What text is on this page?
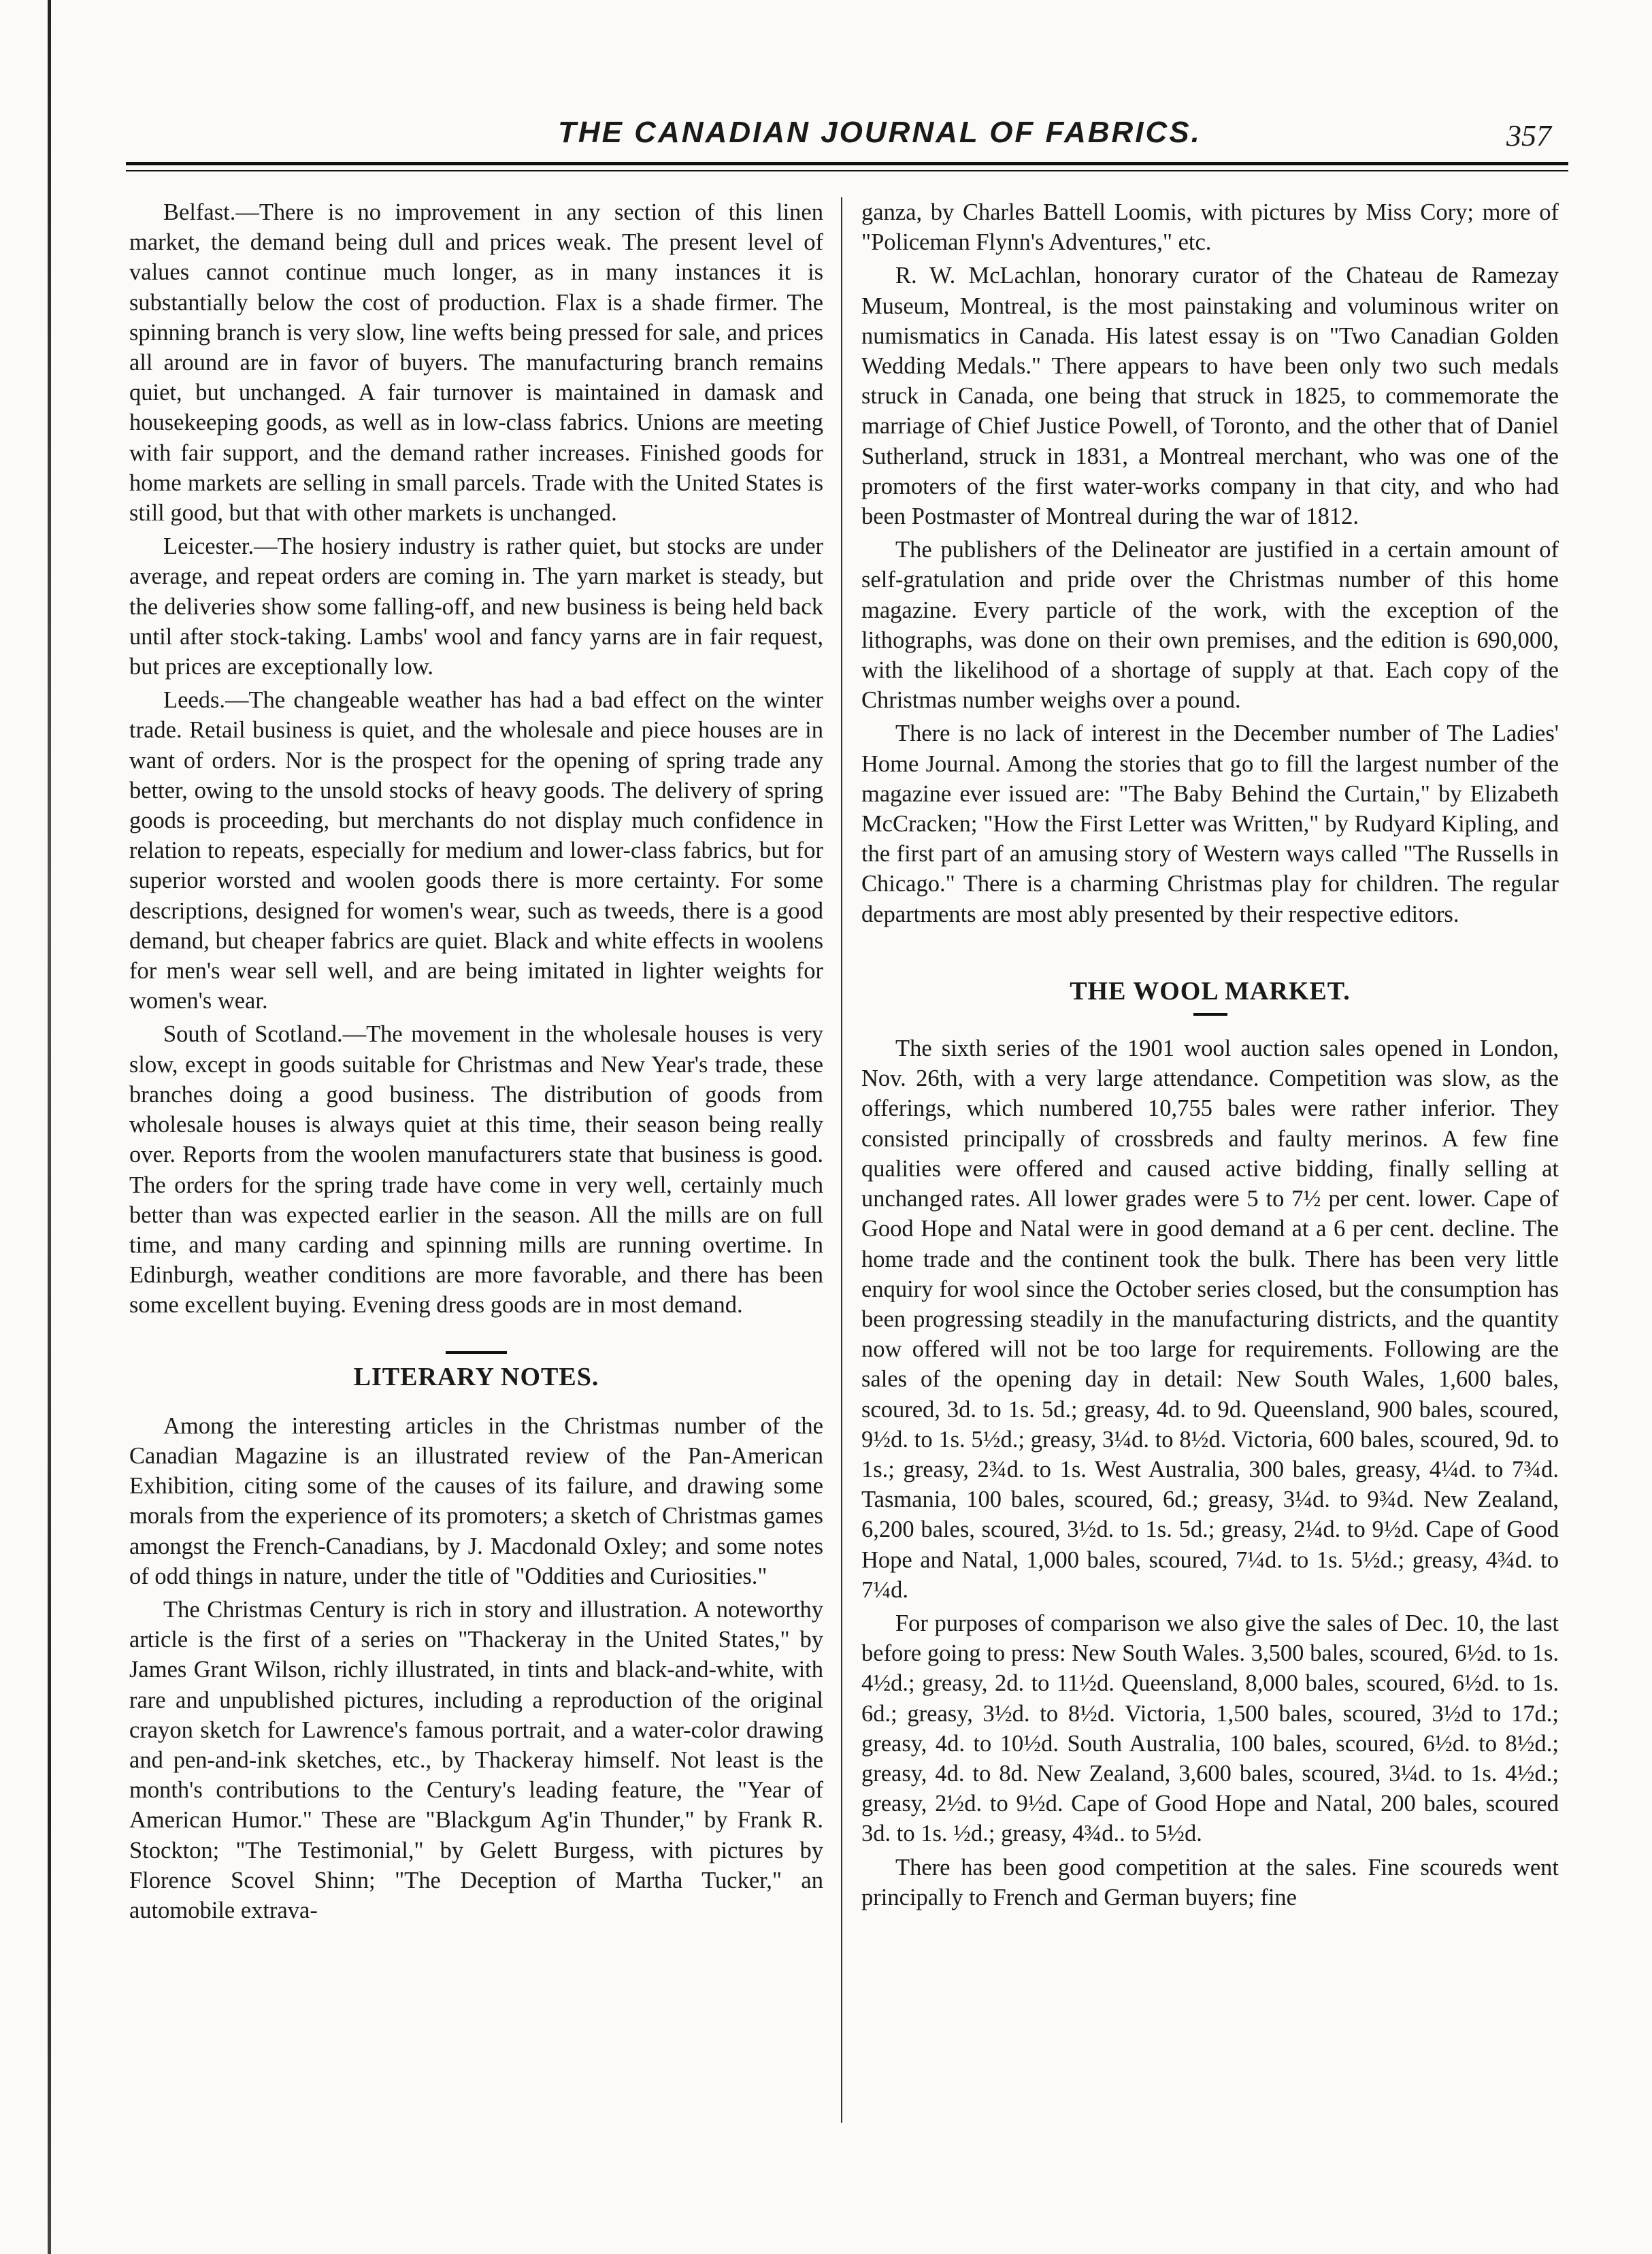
THE CANADIAN JOURNAL OF FABRICS.	357

Belfast.—There is no improvement in any section of this linen market, the demand being dull and prices weak. The present level of values cannot continue much longer, as in many instances it is substantially below the cost of production. Flax is a shade firmer. The spinning branch is very slow, line wefts being pressed for sale, and prices all around are in favor of buyers. The manufacturing branch remains quiet, but unchanged. A fair turnover is maintained in damask and housekeeping goods, as well as in low-class fabrics. Unions are meeting with fair support, and the demand rather increases. Finished goods for home markets are selling in small parcels. Trade with the United States is still good, but that with other markets is unchanged.

Leicester.—The hosiery industry is rather quiet, but stocks are under average, and repeat orders are coming in. The yarn market is steady, but the deliveries show some falling-off, and new business is being held back until after stock-taking. Lambs' wool and fancy yarns are in fair request, but prices are exceptionally low.

Leeds.—The changeable weather has had a bad effect on the winter trade. Retail business is quiet, and the wholesale and piece houses are in want of orders. Nor is the prospect for the opening of spring trade any better, owing to the unsold stocks of heavy goods. The delivery of spring goods is proceeding, but merchants do not display much confidence in relation to repeats, especially for medium and lower-class fabrics, but for superior worsted and woolen goods there is more certainty. For some descriptions, designed for women's wear, such as tweeds, there is a good demand, but cheaper fabrics are quiet. Black and white effects in woolens for men's wear sell well, and are being imitated in lighter weights for women's wear.

South of Scotland.—The movement in the wholesale houses is very slow, except in goods suitable for Christmas and New Year's trade, these branches doing a good business. The distribution of goods from wholesale houses is always quiet at this time, their season being really over. Reports from the woolen manufacturers state that business is good. The orders for the spring trade have come in very well, certainly much better than was expected earlier in the season. All the mills are on full time, and many carding and spinning mills are running overtime. In Edinburgh, weather conditions are more favorable, and there has been some excellent buying. Evening dress goods are in most demand.

LITERARY NOTES.

Among the interesting articles in the Christmas number of the Canadian Magazine is an illustrated review of the Pan-American Exhibition, citing some of the causes of its failure, and drawing some morals from the experience of its promoters; a sketch of Christmas games amongst the French-Canadians, by J. Macdonald Oxley; and some notes of odd things in nature, under the title of "Oddities and Curiosities."

The Christmas Century is rich in story and illustration. A noteworthy article is the first of a series on "Thackeray in the United States," by James Grant Wilson, richly illustrated, in tints and black-and-white, with rare and unpublished pictures, including a reproduction of the original crayon sketch for Lawrence's famous portrait, and a water-color drawing and pen-and-ink sketches, etc., by Thackeray himself. Not least is the month's contributions to the Century's leading feature, the "Year of American Humor." These are "Blackgum Ag'in Thunder," by Frank R. Stockton; "The Testimonial," by Gelett Burgess, with pictures by Florence Scovel Shinn; "The Deception of Martha Tucker," an automobile extrava-

ganza, by Charles Battell Loomis, with pictures by Miss Cory; more of "Policeman Flynn's Adventures," etc.

R. W. McLachlan, honorary curator of the Chateau de Ramezay Museum, Montreal, is the most painstaking and voluminous writer on numismatics in Canada. His latest essay is on "Two Canadian Golden Wedding Medals." There appears to have been only two such medals struck in Canada, one being that struck in 1825, to commemorate the marriage of Chief Justice Powell, of Toronto, and the other that of Daniel Sutherland, struck in 1831, a Montreal merchant, who was one of the promoters of the first water-works company in that city, and who had been Postmaster of Montreal during the war of 1812.

The publishers of the Delineator are justified in a certain amount of self-gratulation and pride over the Christmas number of this home magazine. Every particle of the work, with the exception of the lithographs, was done on their own premises, and the edition is 690,000, with the likelihood of a shortage of supply at that. Each copy of the Christmas number weighs over a pound.

There is no lack of interest in the December number of The Ladies' Home Journal. Among the stories that go to fill the largest number of the magazine ever issued are: "The Baby Behind the Curtain," by Elizabeth McCracken; "How the First Letter was Written," by Rudyard Kipling, and the first part of an amusing story of Western ways called "The Russells in Chicago." There is a charming Christmas play for children. The regular departments are most ably presented by their respective editors.

THE WOOL MARKET.

The sixth series of the 1901 wool auction sales opened in London, Nov. 26th, with a very large attendance. Competition was slow, as the offerings, which numbered 10,755 bales were rather inferior. They consisted principally of crossbreds and faulty merinos. A few fine qualities were offered and caused active bidding, finally selling at unchanged rates. All lower grades were 5 to 7½ per cent. lower. Cape of Good Hope and Natal were in good demand at a 6 per cent. decline. The home trade and the continent took the bulk. There has been very little enquiry for wool since the October series closed, but the consumption has been progressing steadily in the manufacturing districts, and the quantity now offered will not be too large for requirements. Following are the sales of the opening day in detail: New South Wales, 1,600 bales, scoured, 3d. to 1s. 5d.; greasy, 4d. to 9d. Queensland, 900 bales, scoured, 9½d. to 1s. 5½d.; greasy, 3¼d. to 8½d. Victoria, 600 bales, scoured, 9d. to 1s.; greasy, 2¾d. to 1s. West Australia, 300 bales, greasy, 4¼d. to 7¾d. Tasmania, 100 bales, scoured, 6d.; greasy, 3¼d. to 9¾d. New Zealand, 6,200 bales, scoured, 3½d. to 1s. 5d.; greasy, 2¼d. to 9½d. Cape of Good Hope and Natal, 1,000 bales, scoured, 7¼d. to 1s. 5½d.; greasy, 4¾d. to 7¼d.

For purposes of comparison we also give the sales of Dec. 10, the last before going to press: New South Wales. 3,500 bales, scoured, 6½d. to 1s. 4½d.; greasy, 2d. to 11½d. Queensland, 8,000 bales, scoured, 6½d. to 1s. 6d.; greasy, 3½d. to 8½d. Victoria, 1,500 bales, scoured, 3½d to 17d.; greasy, 4d. to 10½d. South Australia, 100 bales, scoured, 6½d. to 8½d.; greasy, 4d. to 8d. New Zealand, 3,600 bales, scoured, 3¼d. to 1s. 4½d.; greasy, 2½d. to 9½d. Cape of Good Hope and Natal, 200 bales, scoured 3d. to 1s. ½d.; greasy, 4¾d.. to 5½d.

There has been good competition at the sales. Fine scoureds went principally to French and German buyers; fine
